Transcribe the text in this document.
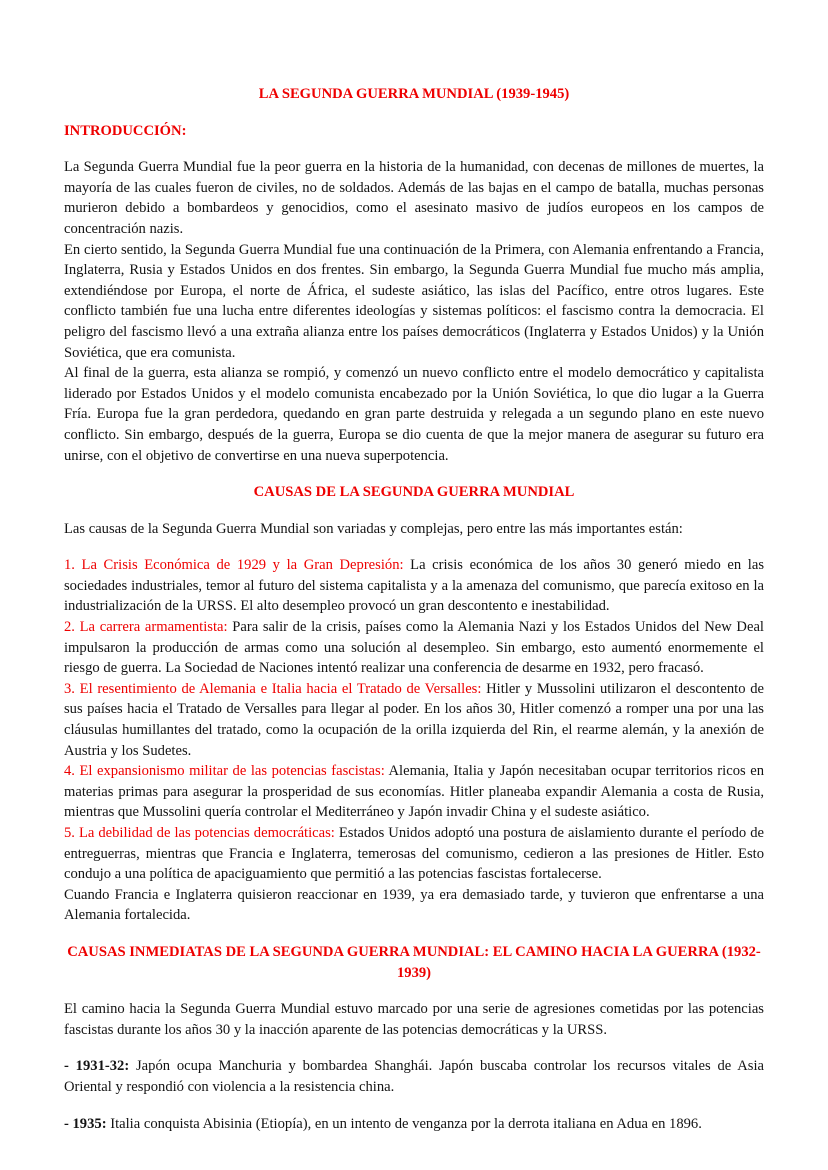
LA SEGUNDA GUERRA MUNDIAL (1939-1945)
INTRODUCCIÓN:

La Segunda Guerra Mundial fue la peor guerra en la historia de la humanidad, con decenas de millones de muertes, la mayoría de las cuales fueron de civiles, no de soldados. Además de las bajas en el campo de batalla, muchas personas murieron debido a bombardeos y genocidios, como el asesinato masivo de judíos europeos en los campos de concentración nazis.

En cierto sentido, la Segunda Guerra Mundial fue una continuación de la Primera, con Alemania enfrentando a Francia, Inglaterra, Rusia y Estados Unidos en dos frentes. Sin embargo, la Segunda Guerra Mundial fue mucho más amplia, extendiéndose por Europa, el norte de África, el sudeste asiático, las islas del Pacífico, entre otros lugares. Este conflicto también fue una lucha entre diferentes ideologías y sistemas políticos: el fascismo contra la democracia. El peligro del fascismo llevó a una extraña alianza entre los países democráticos (Inglaterra y Estados Unidos) y la Unión Soviética, que era comunista.

Al final de la guerra, esta alianza se rompió, y comenzó un nuevo conflicto entre el modelo democrático y capitalista liderado por Estados Unidos y el modelo comunista encabezado por la Unión Soviética, lo que dio lugar a la Guerra Fría. Europa fue la gran perdedora, quedando en gran parte destruida y relegada a un segundo plano en este nuevo conflicto. Sin embargo, después de la guerra, Europa se dio cuenta de que la mejor manera de asegurar su futuro era unirse, con el objetivo de convertirse en una nueva superpotencia.

CAUSAS DE LA SEGUNDA GUERRA MUNDIAL

Las causas de la Segunda Guerra Mundial son variadas y complejas, pero entre las más importantes están:

1. La Crisis Económica de 1929 y la Gran Depresión: La crisis económica de los años 30 generó miedo en las sociedades industriales, temor al futuro del sistema capitalista y a la amenaza del comunismo, que parecía exitoso en la industrialización de la URSS. El alto desempleo provocó un gran descontento e inestabilidad.

2. La carrera armamentista: Para salir de la crisis, países como la Alemania Nazi y los Estados Unidos del New Deal impulsaron la producción de armas como una solución al desempleo. Sin embargo, esto aumentó enormemente el riesgo de guerra. La Sociedad de Naciones intentó realizar una conferencia de desarme en 1932, pero fracasó.

3. El resentimiento de Alemania e Italia hacia el Tratado de Versalles: Hitler y Mussolini utilizaron el descontento de sus países hacia el Tratado de Versalles para llegar al poder. En los años 30, Hitler comenzó a romper una por una las cláusulas humillantes del tratado, como la ocupación de la orilla izquierda del Rin, el rearme alemán, y la anexión de Austria y los Sudetes.

4. El expansionismo militar de las potencias fascistas: Alemania, Italia y Japón necesitaban ocupar territorios ricos en materias primas para asegurar la prosperidad de sus economías. Hitler planeaba expandir Alemania a costa de Rusia, mientras que Mussolini quería controlar el Mediterráneo y Japón invadir China y el sudeste asiático.

5. La debilidad de las potencias democráticas: Estados Unidos adoptó una postura de aislamiento durante el período de entreguerras, mientras que Francia e Inglaterra, temerosas del comunismo, cedieron a las presiones de Hitler. Esto condujo a una política de apaciguamiento que permitió a las potencias fascistas fortalecerse.

Cuando Francia e Inglaterra quisieron reaccionar en 1939, ya era demasiado tarde, y tuvieron que enfrentarse a una Alemania fortalecida.

CAUSAS INMEDIATAS DE LA SEGUNDA GUERRA MUNDIAL: EL CAMINO HACIA LA GUERRA (1932-1939)

El camino hacia la Segunda Guerra Mundial estuvo marcado por una serie de agresiones cometidas por las potencias fascistas durante los años 30 y la inacción aparente de las potencias democráticas y la URSS.

- 1931-32: Japón ocupa Manchuria y bombardea Shanghái. Japón buscaba controlar los recursos vitales de Asia Oriental y respondió con violencia a la resistencia china.

- 1935: Italia conquista Abisinia (Etiopía), en un intento de venganza por la derrota italiana en Adua en 1896.
